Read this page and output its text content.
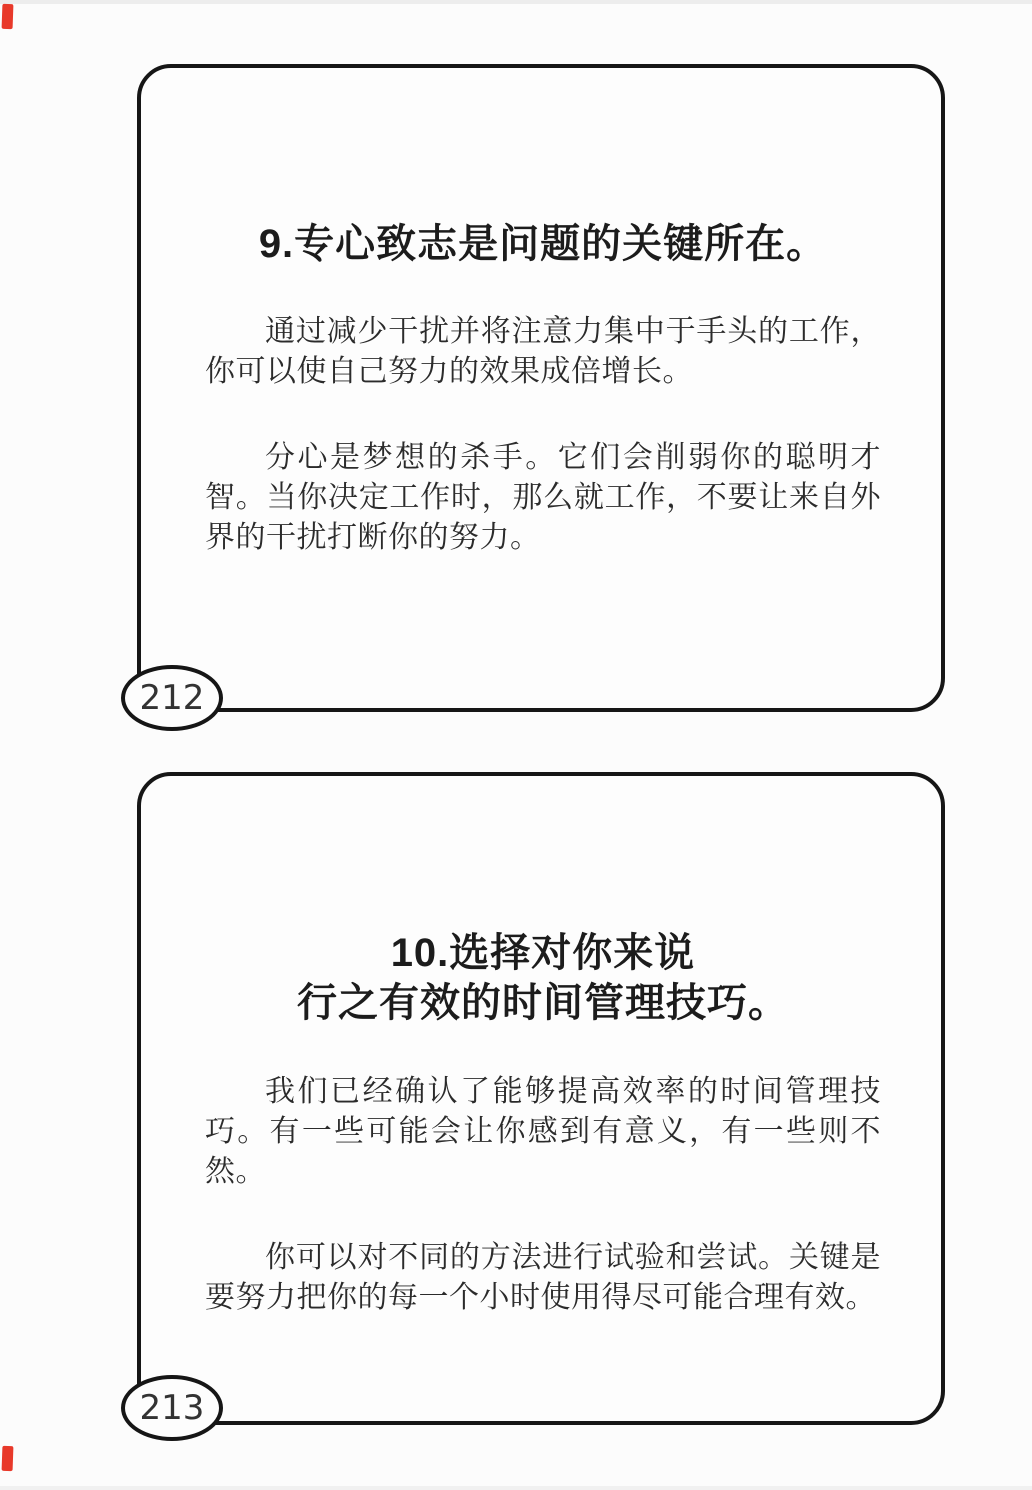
9.专心致志是问题的关键所在。

通过减少干扰并将注意力集中于手头的工作，你可以使自己努力的效果成倍增长。

分心是梦想的杀手。它们会削弱你的聪明才智。当你决定工作时，那么就工作，不要让来自外界的干扰打断你的努力。

212
10.选择对你来说
行之有效的时间管理技巧。

我们已经确认了能够提高效率的时间管理技巧。有一些可能会让你感到有意义，有一些则不然。

你可以对不同的方法进行试验和尝试。关键是要努力把你的每一个小时使用得尽可能合理有效。

213
